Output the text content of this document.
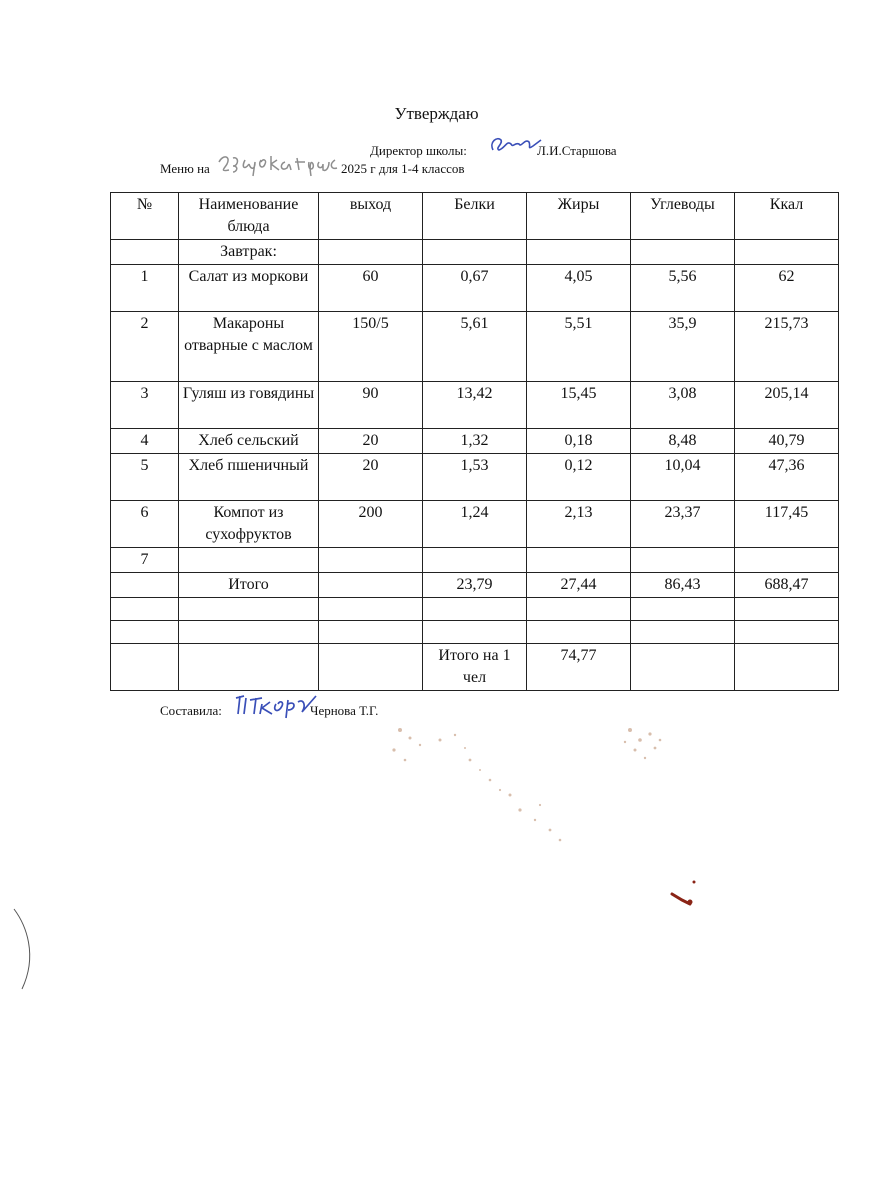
Утверждаю
Директор школы:	Л.И.Старшова
Меню на	2025 г для 1-4 классов
№	Наименование блюда	выход	Белки	Жиры	Углеводы	Ккал
	Завтрак:					
1	Салат из моркови	60	0,67	4,05	5,56	62
2	Макароны отварные с маслом	150/5	5,61	5,51	35,9	215,73
3	Гуляш из говядины	90	13,42	15,45	3,08	205,14
4	Хлеб сельский	20	1,32	0,18	8,48	40,79
5	Хлеб пшеничный	20	1,53	0,12	10,04	47,36
6	Компот из сухофруктов	200	1,24	2,13	23,37	117,45
7						
	Итого		23,79	27,44	86,43	688,47

			Итого на 1 чел	74,77		
Составила:	Чернова Т.Г.
